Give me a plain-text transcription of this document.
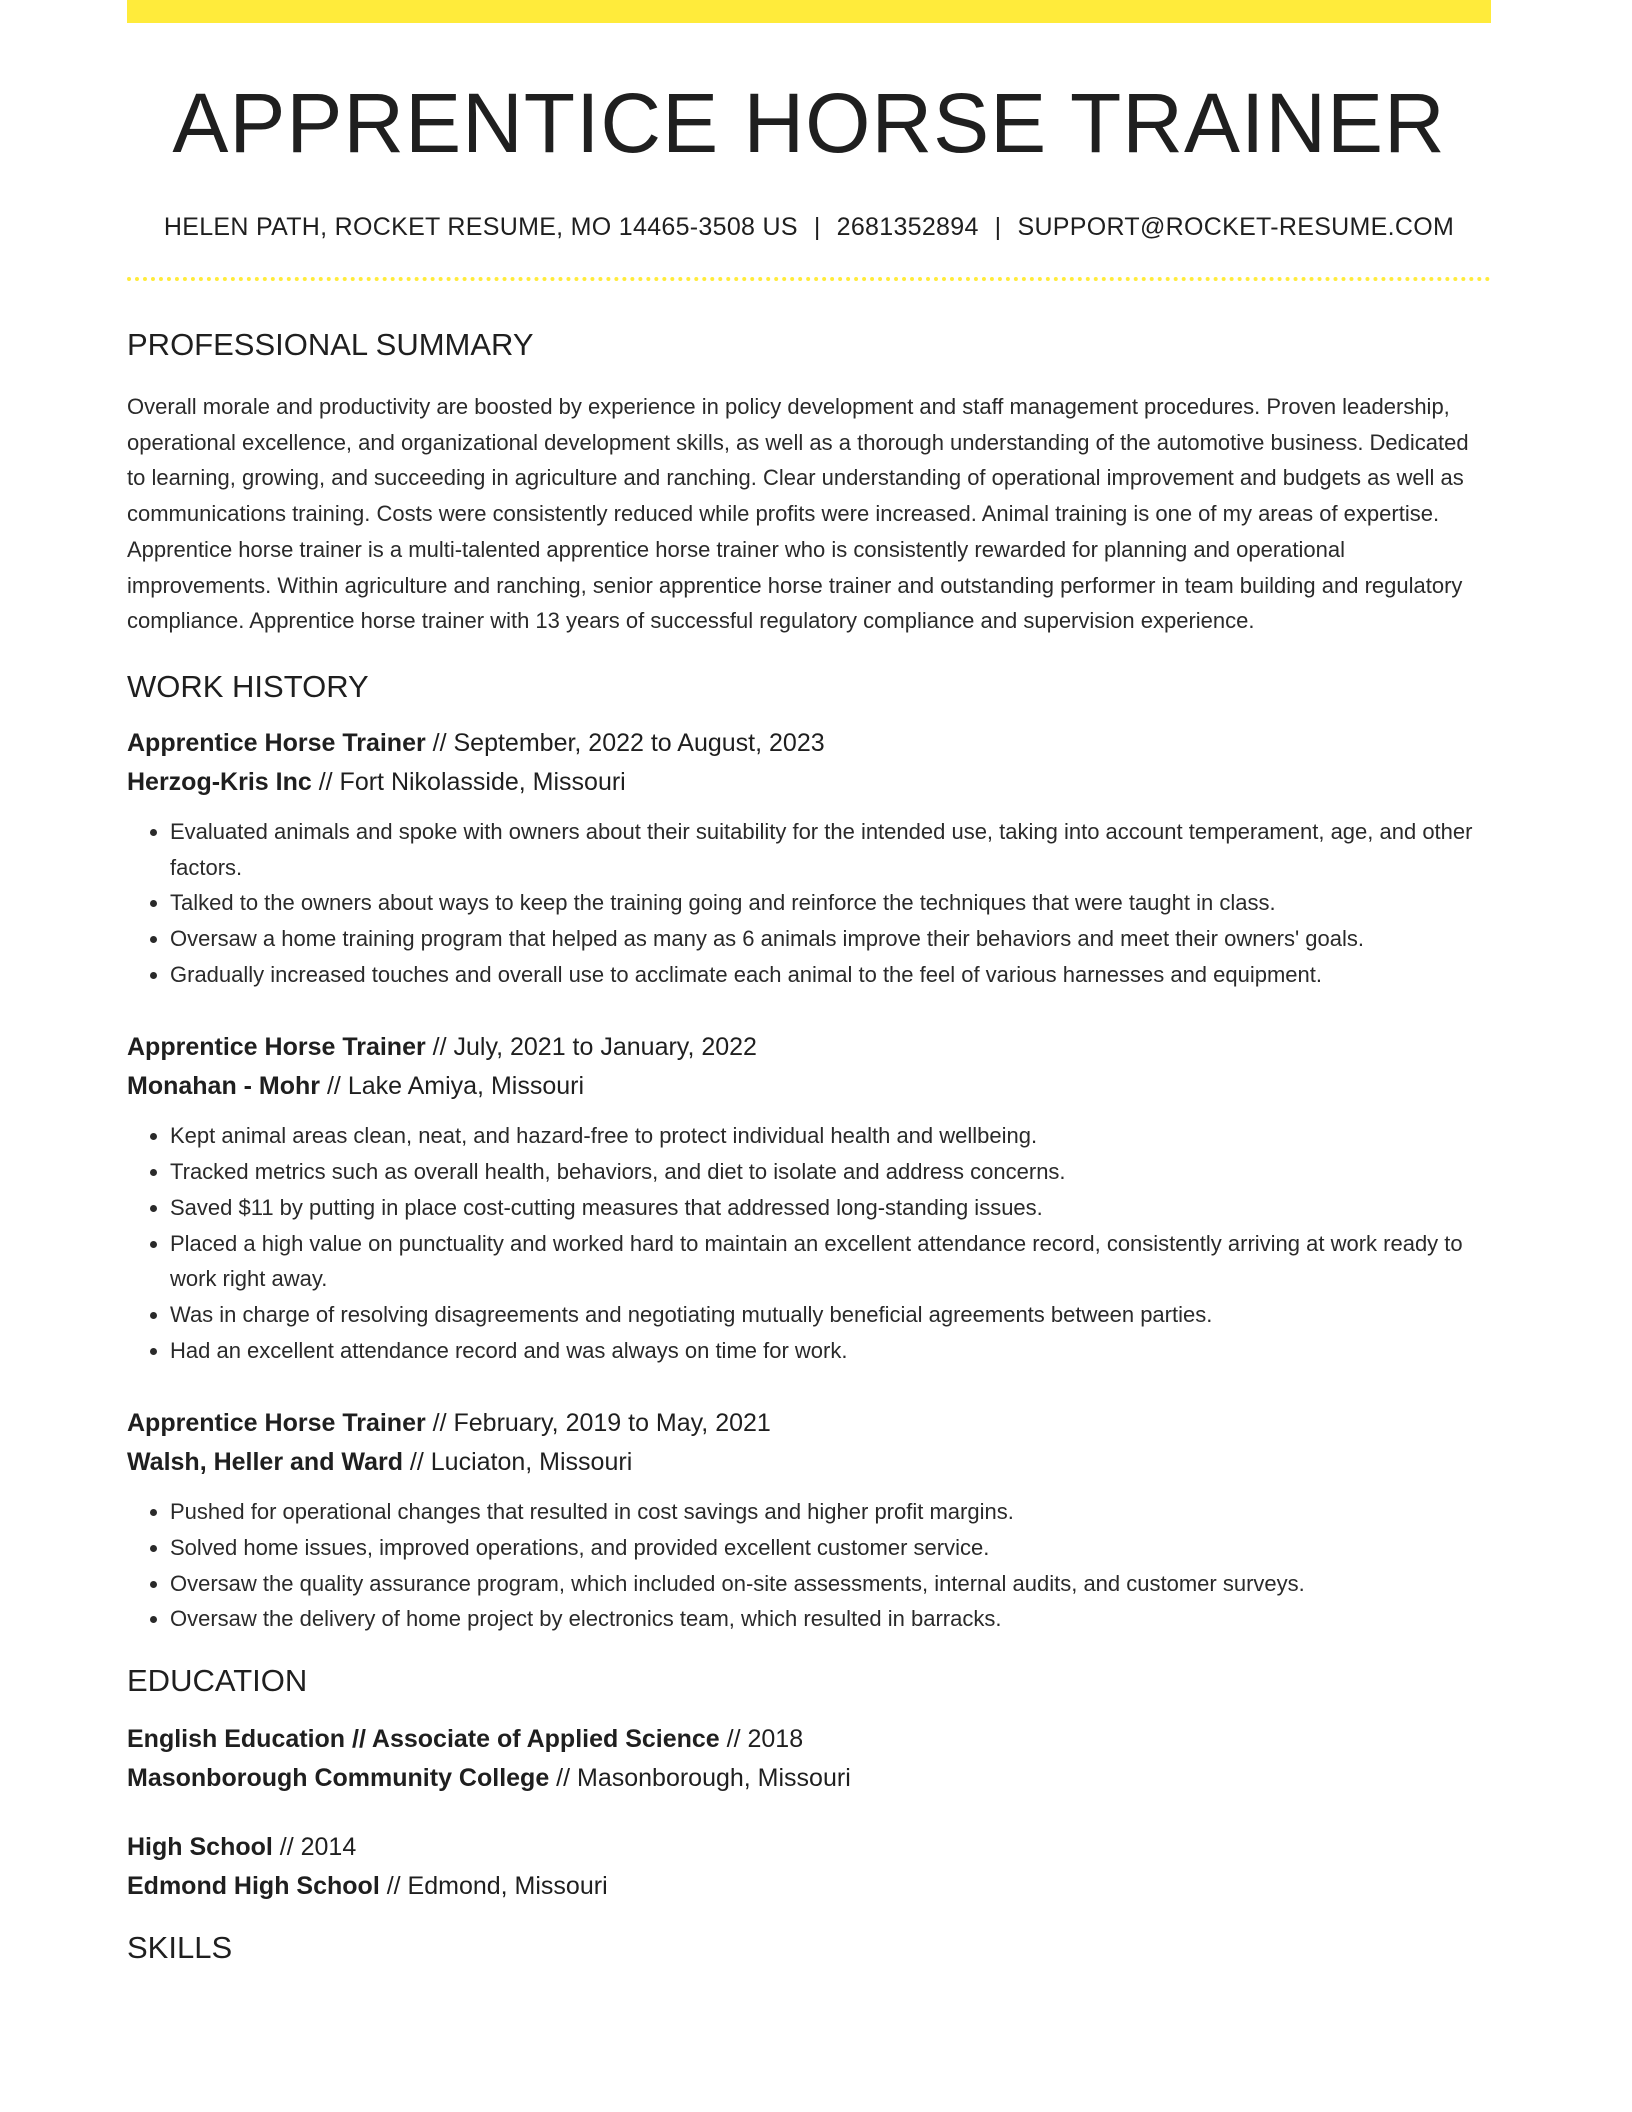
APPRENTICE HORSE TRAINER
HELEN PATH, ROCKET RESUME, MO 14465-3508 US | 2681352894 | SUPPORT@ROCKET-RESUME.COM
PROFESSIONAL SUMMARY

Overall morale and productivity are boosted by experience in policy development and staff management procedures. Proven leadership, operational excellence, and organizational development skills, as well as a thorough understanding of the automotive business. Dedicated to learning, growing, and succeeding in agriculture and ranching. Clear understanding of operational improvement and budgets as well as communications training. Costs were consistently reduced while profits were increased. Animal training is one of my areas of expertise. Apprentice horse trainer is a multi-talented apprentice horse trainer who is consistently rewarded for planning and operational improvements. Within agriculture and ranching, senior apprentice horse trainer and outstanding performer in team building and regulatory compliance. Apprentice horse trainer with 13 years of successful regulatory compliance and supervision experience.

WORK HISTORY
Apprentice Horse Trainer // September, 2022 to August, 2023
Herzog-Kris Inc // Fort Nikolasside, Missouri
• Evaluated animals and spoke with owners about their suitability for the intended use, taking into account temperament, age, and other factors.
• Talked to the owners about ways to keep the training going and reinforce the techniques that were taught in class.
• Oversaw a home training program that helped as many as 6 animals improve their behaviors and meet their owners' goals.
• Gradually increased touches and overall use to acclimate each animal to the feel of various harnesses and equipment.
Apprentice Horse Trainer // July, 2021 to January, 2022
Monahan - Mohr // Lake Amiya, Missouri
• Kept animal areas clean, neat, and hazard-free to protect individual health and wellbeing.
• Tracked metrics such as overall health, behaviors, and diet to isolate and address concerns.
• Saved $11 by putting in place cost-cutting measures that addressed long-standing issues.
• Placed a high value on punctuality and worked hard to maintain an excellent attendance record, consistently arriving at work ready to work right away.
• Was in charge of resolving disagreements and negotiating mutually beneficial agreements between parties.
• Had an excellent attendance record and was always on time for work.
Apprentice Horse Trainer // February, 2019 to May, 2021
Walsh, Heller and Ward // Luciaton, Missouri
• Pushed for operational changes that resulted in cost savings and higher profit margins.
• Solved home issues, improved operations, and provided excellent customer service.
• Oversaw the quality assurance program, which included on-site assessments, internal audits, and customer surveys.
• Oversaw the delivery of home project by electronics team, which resulted in barracks.
EDUCATION
English Education // Associate of Applied Science // 2018
Masonborough Community College // Masonborough, Missouri
High School // 2014
Edmond High School // Edmond, Missouri
SKILLS
